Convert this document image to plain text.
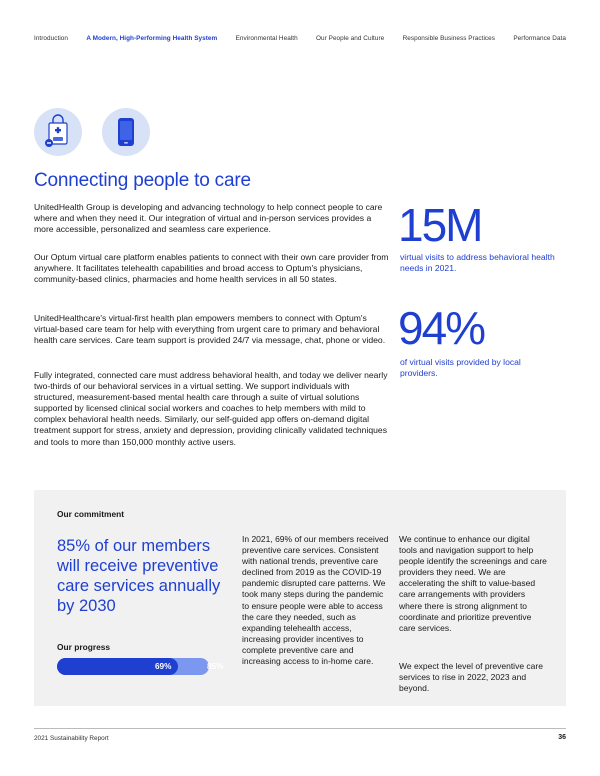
Introduction	A Modern, High-Performing Health System	Environmental Health	Our People and Culture	Responsible Business Practices	Performance Data
Connecting people to care

UnitedHealth Group is developing and advancing technology to help connect people to care where and when they need it. Our integration of virtual and in-person services provides a more accessible, personalized and seamless care experience.

Our Optum virtual care platform enables patients to connect with their own care provider from anywhere. It facilitates telehealth capabilities and broad access to Optum's physicians, community-based clinics, pharmacies and home health services in all 50 states.

UnitedHealthcare's virtual-first health plan empowers members to connect with Optum's virtual-based care team for help with everything from urgent care to primary and behavioral health care services. Care team support is provided 24/7 via message, chat, phone or video.

Fully integrated, connected care must address behavioral health, and today we deliver nearly two-thirds of our behavioral services in a virtual setting. We support individuals with structured, measurement-based mental health care through a suite of virtual solutions supported by licensed clinical social workers and coaches to help members with mild to complex behavioral health needs. Similarly, our self-guided app offers on-demand digital treatment support for stress, anxiety and depression, providing clinically validated techniques and tools to more than 150,000 monthly active users.

15M
virtual visits to address behavioral health needs in 2021.
94%
of virtual visits provided by local providers.
Our commitment
85% of our members will receive preventive care services annually by 2030
Our progress
69%	85%

In 2021, 69% of our members received preventive care services. Consistent with national trends, preventive care declined from 2019 as the COVID-19 pandemic disrupted care patterns. We took many steps during the pandemic to ensure people were able to access the care they needed, such as expanding telehealth access, increasing provider incentives to complete preventive care and increasing access to in-home care.

We continue to enhance our digital tools and navigation support to help people identify the screenings and care providers they need. We are accelerating the shift to value-based care arrangements with providers where there is strong alignment to coordinate and prioritize preventive care services.

We expect the level of preventive care services to rise in 2022, 2023 and beyond.

2021 Sustainability Report	36
